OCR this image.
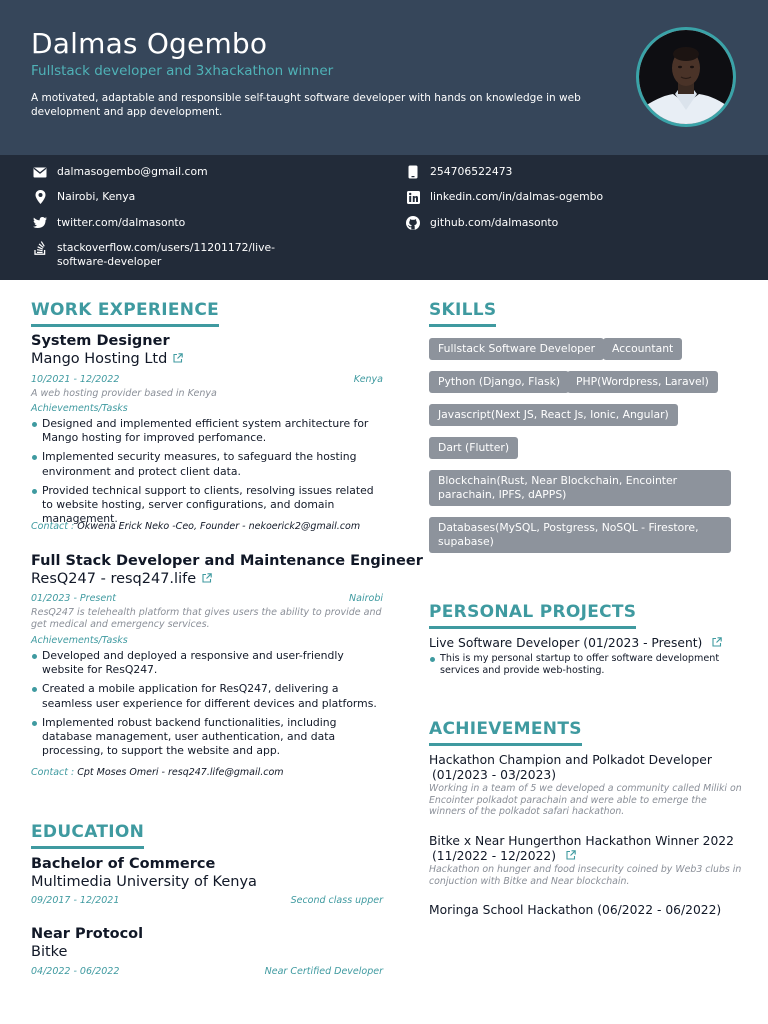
Dalmas Ogembo
Fullstack developer and 3xhackathon winner
A motivated, adaptable and responsible self-taught software developer with hands on knowledge in web development and app development.
dalmasogembo@gmail.com	254706522473
Nairobi, Kenya	linkedin.com/in/dalmas-ogembo
twitter.com/dalmasonto	github.com/dalmasonto
stackoverflow.com/users/11201172/live-software-developer
WORK EXPERIENCE
System Designer
Mango Hosting Ltd
10/2021 - 12/2022	Kenya
A web hosting provider based in Kenya
Achievements/Tasks
Designed and implemented efficient system architecture for Mango hosting for improved perfomance.
Implemented security measures, to safeguard the hosting environment and protect client data.
Provided technical support to clients, resolving issues related to website hosting, server configurations, and domain management.
Contact : Okwena Erick Neko -Ceo, Founder - nekoerick2@gmail.com
Full Stack Developer and Maintenance Engineer
ResQ247 - resq247.life
01/2023 - Present	Nairobi
ResQ247 is telehealth platform that gives users the ability to provide and get medical and emergency services.
Achievements/Tasks
Developed and deployed a responsive and user-friendly website for ResQ247.
Created a mobile application for ResQ247, delivering a seamless user experience for different devices and platforms.
Implemented robust backend functionalities, including database management, user authentication, and data processing, to support the website and app.
Contact : Cpt Moses Omeri - resq247.life@gmail.com
EDUCATION
Bachelor of Commerce
Multimedia University of Kenya
09/2017 - 12/2021	Second class upper
Near Protocol
Bitke
04/2022 - 06/2022	Near Certified Developer
SKILLS
Fullstack Software Developer	Accountant
Python (Django, Flask)	PHP(Wordpress, Laravel)
Javascript(Next JS, React Js, Ionic, Angular)
Dart (Flutter)
Blockchain(Rust, Near Blockchain, Encointer parachain, IPFS, dAPPS)
Databases(MySQL, Postgress, NoSQL - Firestore, supabase)
PERSONAL PROJECTS
Live Software Developer (01/2023 - Present)
This is my personal startup to offer software development services and provide web-hosting.
ACHIEVEMENTS
Hackathon Champion and Polkadot Developer
(01/2023 - 03/2023)
Working in a team of 5 we developed a community called Miliki on Encointer polkadot parachain and were able to emerge the winners of the polkadot safari hackathon.
Bitke x Near Hungerthon Hackathon Winner 2022
(11/2022 - 12/2022)
Hackathon on hunger and food insecurity coined by Web3 clubs in conjuction with Bitke and Near blockchain.
Moringa School Hackathon (06/2022 - 06/2022)
